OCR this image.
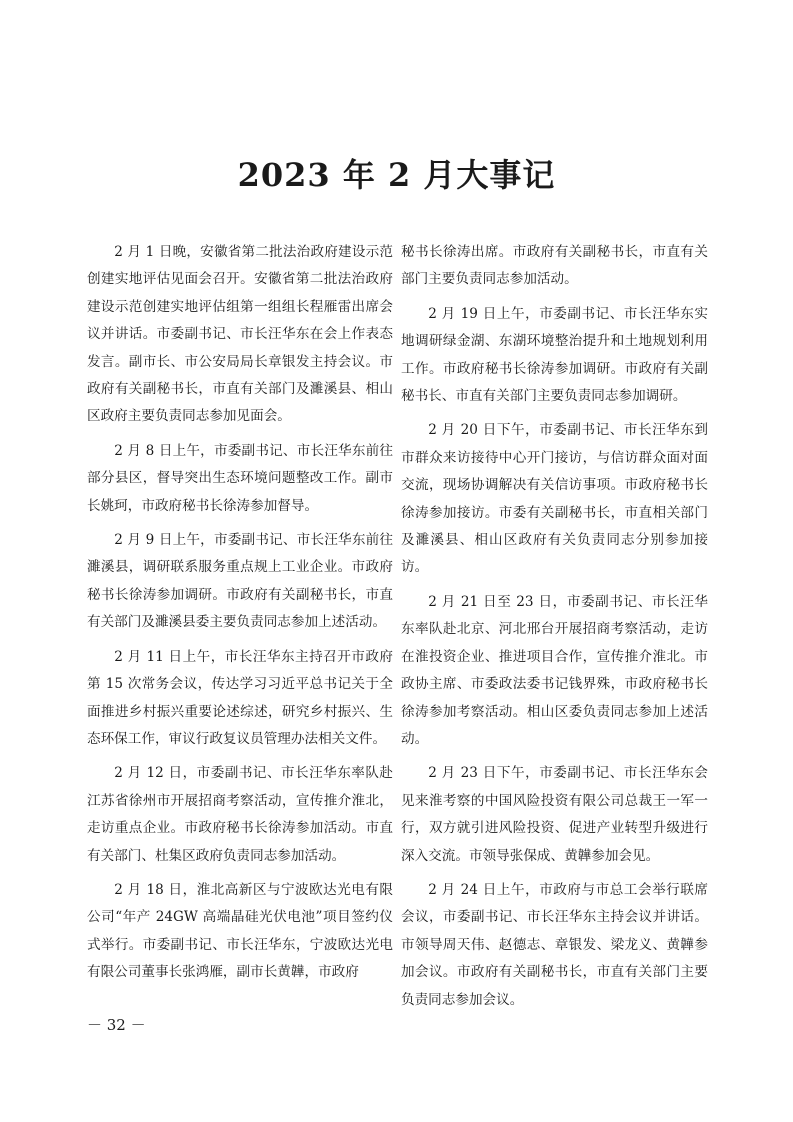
2023 年 2 月大事记

2 月 1 日晚，安徽省第二批法治政府建设示范创建实地评估见面会召开。安徽省第二批法治政府建设示范创建实地评估组第一组组长程雁雷出席会议并讲话。市委副书记、市长汪华东在会上作表态发言。副市长、市公安局局长章银发主持会议。市政府有关副秘书长，市直有关部门及濉溪县、相山区政府主要负责同志参加见面会。

2 月 8 日上午，市委副书记、市长汪华东前往部分县区，督导突出生态环境问题整改工作。副市长姚珂，市政府秘书长徐涛参加督导。

2 月 9 日上午，市委副书记、市长汪华东前往濉溪县，调研联系服务重点规上工业企业。市政府秘书长徐涛参加调研。市政府有关副秘书长，市直有关部门及濉溪县委主要负责同志参加上述活动。

2 月 11 日上午，市长汪华东主持召开市政府第 15 次常务会议，传达学习习近平总书记关于全面推进乡村振兴重要论述综述，研究乡村振兴、生态环保工作，审议行政复议员管理办法相关文件。

2 月 12 日，市委副书记、市长汪华东率队赴江苏省徐州市开展招商考察活动，宣传推介淮北，走访重点企业。市政府秘书长徐涛参加活动。市直有关部门、杜集区政府负责同志参加活动。

2 月 18 日，淮北高新区与宁波欧达光电有限公司“年产 24GW 高端晶硅光伏电池”项目签约仪式举行。市委副书记、市长汪华东，宁波欧达光电有限公司董事长张鸿雁，副市长黄韡，市政府

秘书长徐涛出席。市政府有关副秘书长，市直有关部门主要负责同志参加活动。

2 月 19 日上午，市委副书记、市长汪华东实地调研绿金湖、东湖环境整治提升和土地规划利用工作。市政府秘书长徐涛参加调研。市政府有关副秘书长、市直有关部门主要负责同志参加调研。

2 月 20 日下午，市委副书记、市长汪华东到市群众来访接待中心开门接访，与信访群众面对面交流，现场协调解决有关信访事项。市政府秘书长徐涛参加接访。市委有关副秘书长，市直相关部门及濉溪县、相山区政府有关负责同志分别参加接访。

2 月 21 日至 23 日，市委副书记、市长汪华东率队赴北京、河北邢台开展招商考察活动，走访在淮投资企业、推进项目合作，宣传推介淮北。市政协主席、市委政法委书记钱界殊，市政府秘书长徐涛参加考察活动。相山区委负责同志参加上述活动。

2 月 23 日下午，市委副书记、市长汪华东会见来淮考察的中国风险投资有限公司总裁王一军一行，双方就引进风险投资、促进产业转型升级进行深入交流。市领导张保成、黄韡参加会见。

2 月 24 日上午，市政府与市总工会举行联席会议，市委副书记、市长汪华东主持会议并讲话。市领导周天伟、赵德志、章银发、梁龙义、黄韡参加会议。市政府有关副秘书长，市直有关部门主要负责同志参加会议。

－ 32 －
